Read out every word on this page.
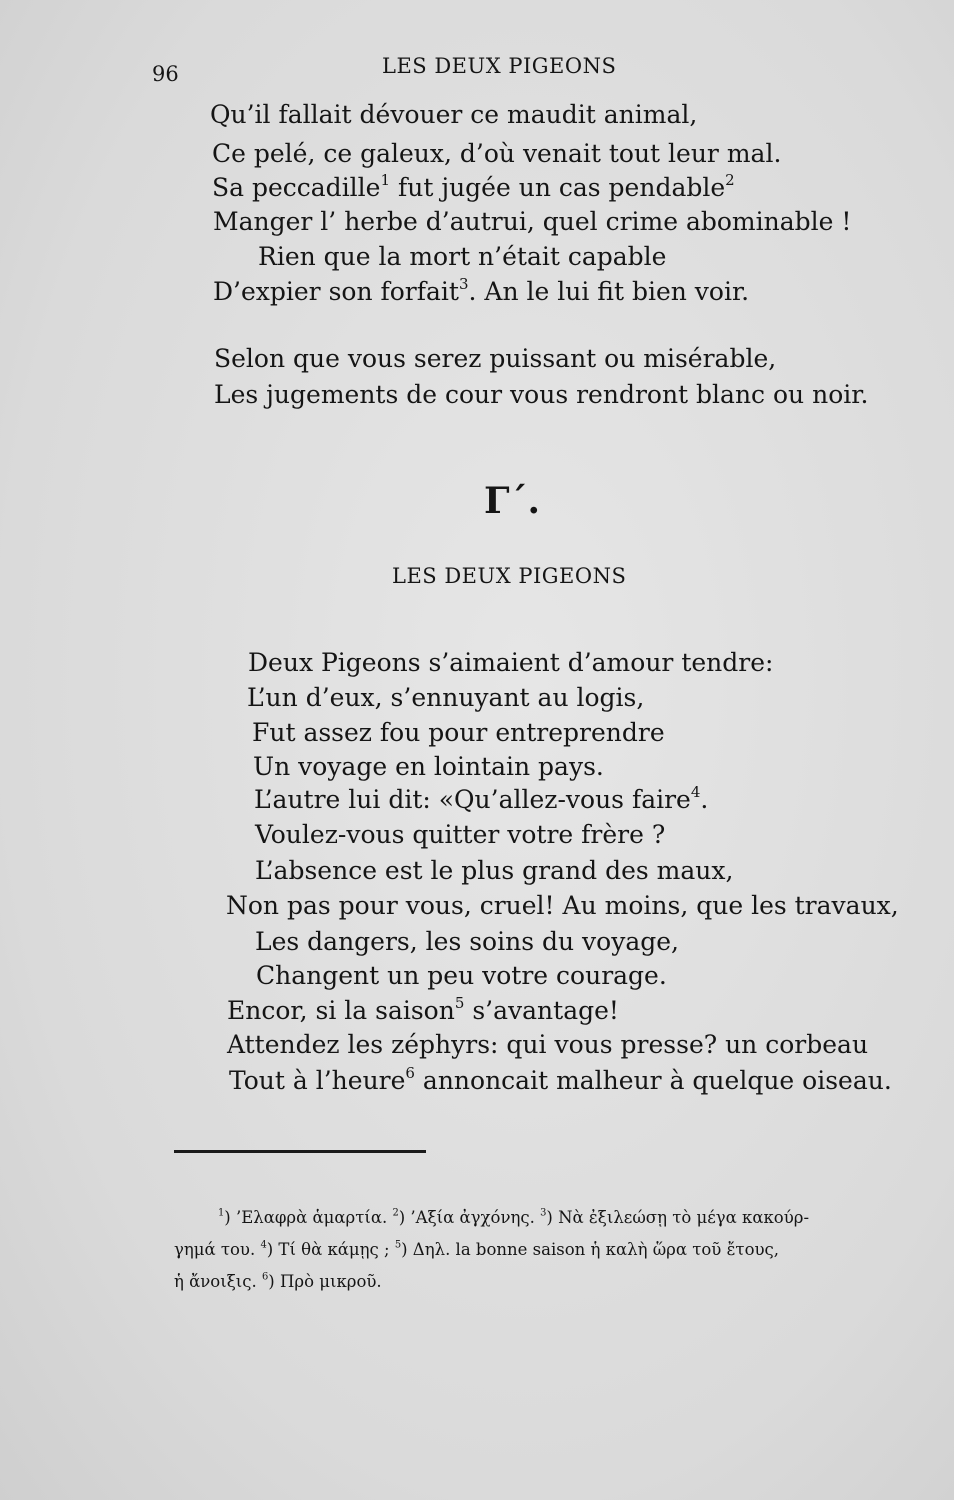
96	LES DEUX PIGEONS
Qu’il fallait dévouer ce maudit animal,
Ce pelé, ce galeux, d’où venait tout leur mal.
Sa peccadille$^1$ fut jugée un cas pendable$^2$
Manger l’ herbe d’autrui, quel crime abominable !
Rien que la mort n’était capable
D’expier son forfait$^3$. An le lui fit bien voir.
Selon que vous serez puissant ou misérable,
Les jugements de cour vous rendront blanc ou noir.
Γ΄.
LES DEUX PIGEONS
Deux Pigeons s’aimaient d’amour tendre:
L’un d’eux, s’ennuyant au logis,
Fut assez fou pour entreprendre
Un voyage en lointain pays.
L’autre lui dit: «Qu’allez-vous faire$^4$.
Voulez-vous quitter votre frère ?
L’absence est le plus grand des maux,
Non pas pour vous, cruel! Au moins, que les travaux,
Les dangers, les soins du voyage,
Changent un peu votre courage.
Encor, si la saison$^5$ s’avantage!
Attendez les zéphyrs: qui vous presse? un corbeau
Tout à l’heure$^6$ annoncait malheur à quelque oiseau.
$^1$) ’Ελαφρὰ ἁμαρτία. $^2$) ’Αξία ἀγχόνης. $^3$) Νὰ ἐξιλεώσῃ τὸ μέγα κακούρ-
γημά του. $^4$) Τί θὰ κάμῃς ; $^5$) Δηλ. la bonne saison ἡ καλὴ ὥρα τοῦ ἔτους,
ἡ ἄνοιξις. $^6$) Πρὸ μικροῦ.
